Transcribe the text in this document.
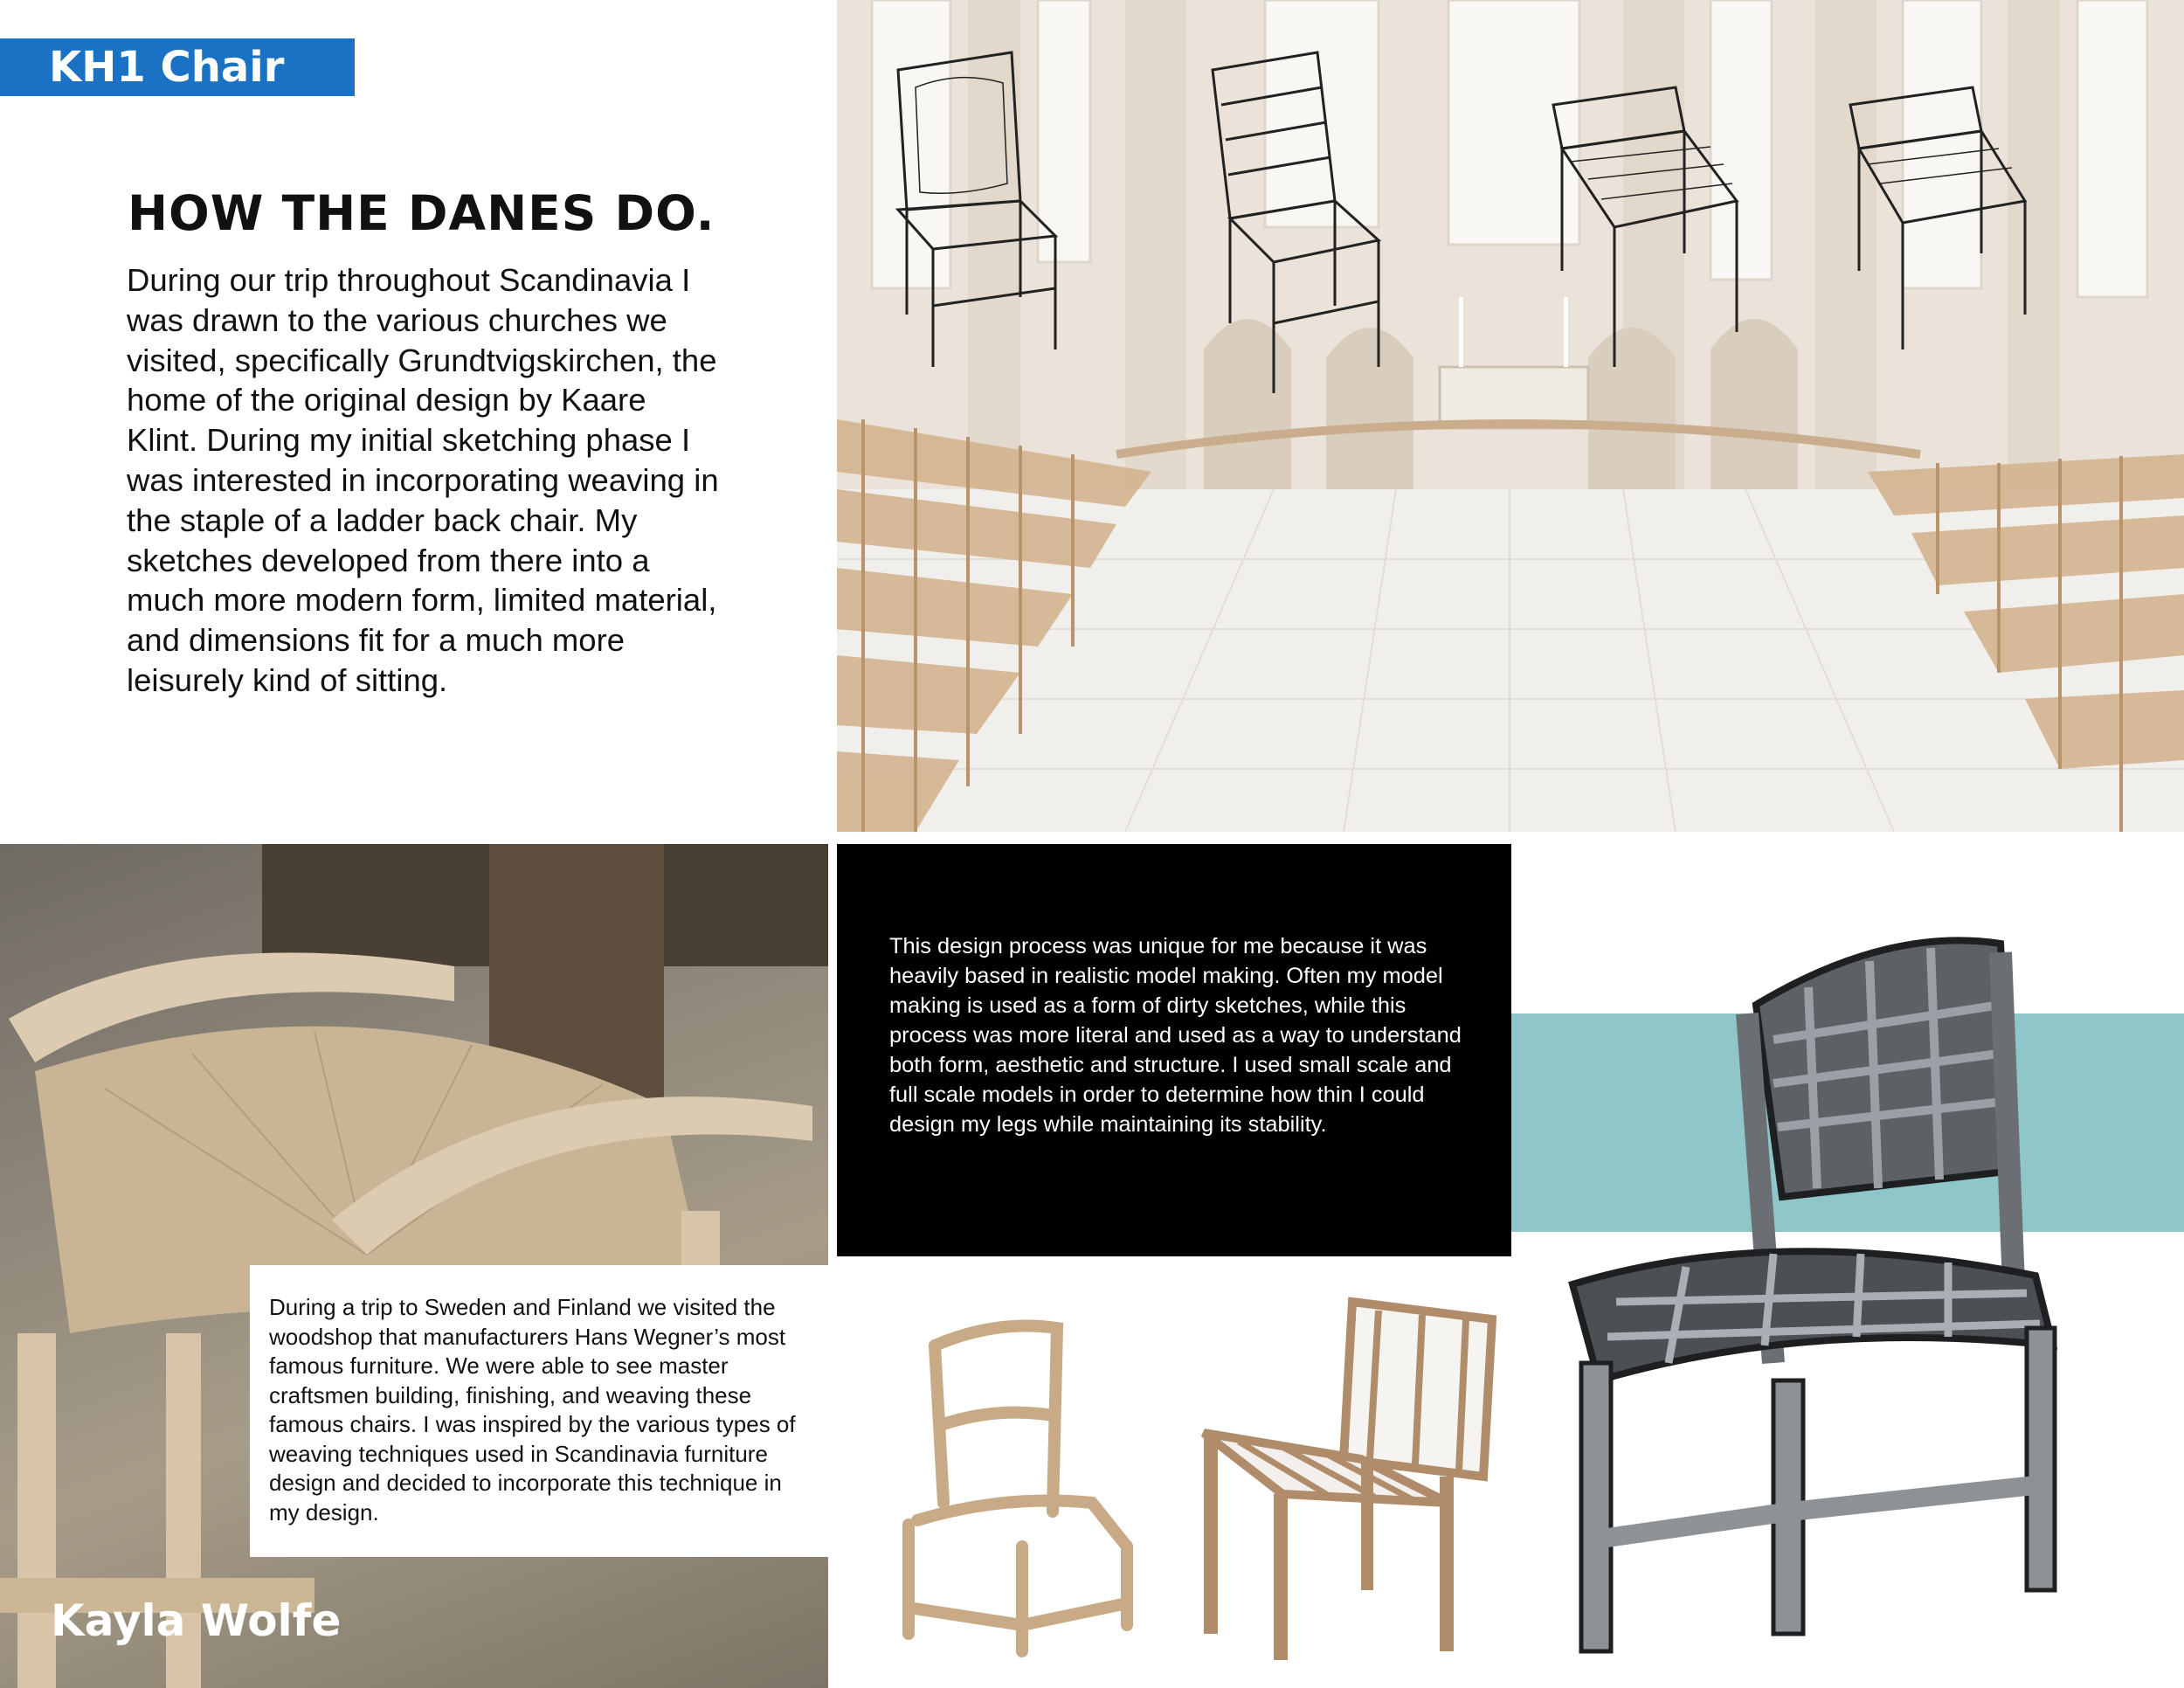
KH1 Chair
HOW THE DANES DO.

During our trip throughout Scandinavia I was drawn to the various churches we visited, specifically Grundtvigskirchen, the home of the original design by Kaare Klint. During my initial sketching phase I was interested in incorporating weaving in the staple of a ladder back chair. My sketches developed from there into a much more modern form, limited material, and dimensions fit for a much more leisurely kind of sitting.

During a trip to Sweden and Finland we visited the woodshop that manufacturers Hans Wegner’s most famous furniture. We were able to see master craftsmen building, finishing, and weaving these famous chairs. I was inspired by the various types of weaving techniques used in Scandinavia furniture design and decided to incorporate this technique in my design.

Kayla Wolfe

This design process was unique for me because it was heavily based in realistic model making. Often my model making is used as a form of dirty sketches, while this process was more literal and used as a way to understand both form, aesthetic and structure. I used small scale and full scale models in order to determine how thin I could design my legs while maintaining its stability.
